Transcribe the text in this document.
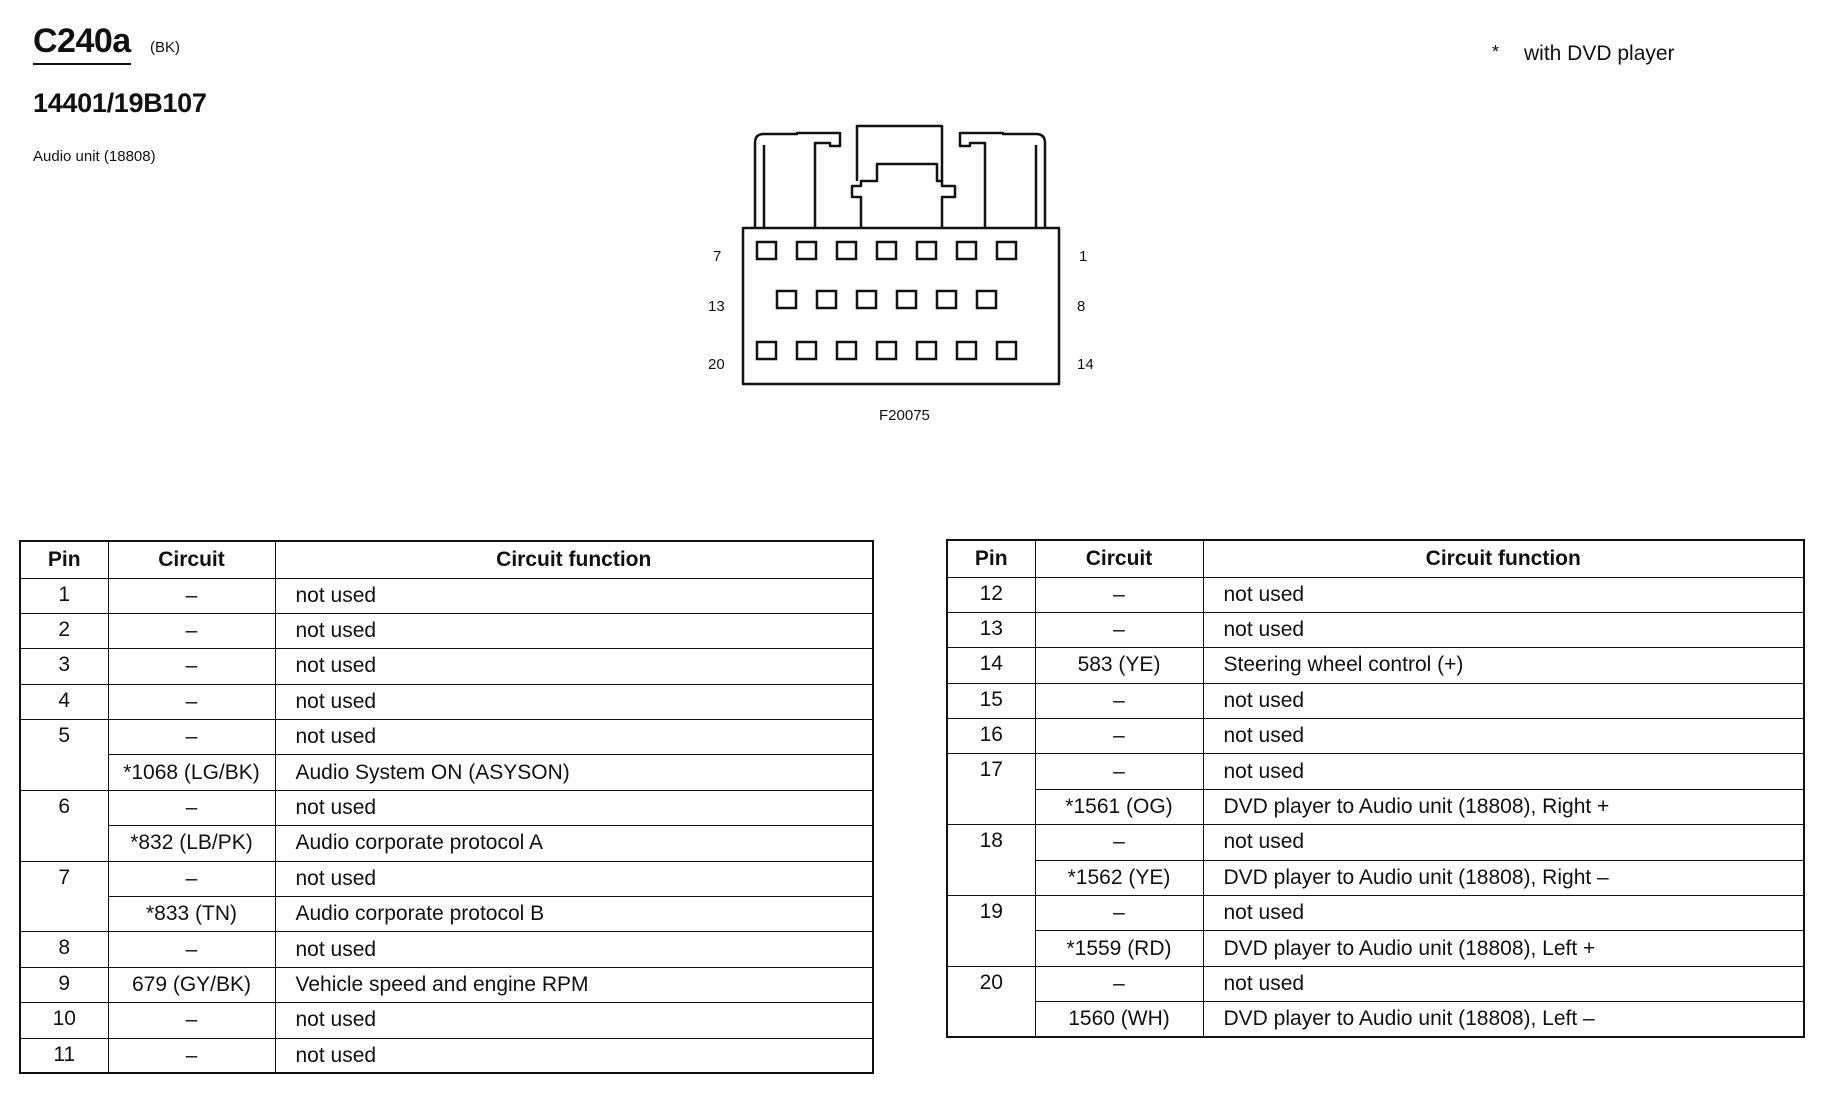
C240a (BK)
14401/19B107
Audio unit (18808)
* with DVD player
7	1
13	8
20	14
F20075
Pin	Circuit	Circuit function
1	–	not used
2	–	not used
3	–	not used
4	–	not used
5	–	not used
	*1068 (LG/BK)	Audio System ON (ASYSON)
6	–	not used
	*832 (LB/PK)	Audio corporate protocol A
7	–	not used
	*833 (TN)	Audio corporate protocol B
8	–	not used
9	679 (GY/BK)	Vehicle speed and engine RPM
10	–	not used
11	–	not used
Pin	Circuit	Circuit function
12	–	not used
13	–	not used
14	583 (YE)	Steering wheel control (+)
15	–	not used
16	–	not used
17	–	not used
	*1561 (OG)	DVD player to Audio unit (18808), Right +
18	–	not used
	*1562 (YE)	DVD player to Audio unit (18808), Right –
19	–	not used
	*1559 (RD)	DVD player to Audio unit (18808), Left +
20	–	not used
	1560 (WH)	DVD player to Audio unit (18808), Left –
